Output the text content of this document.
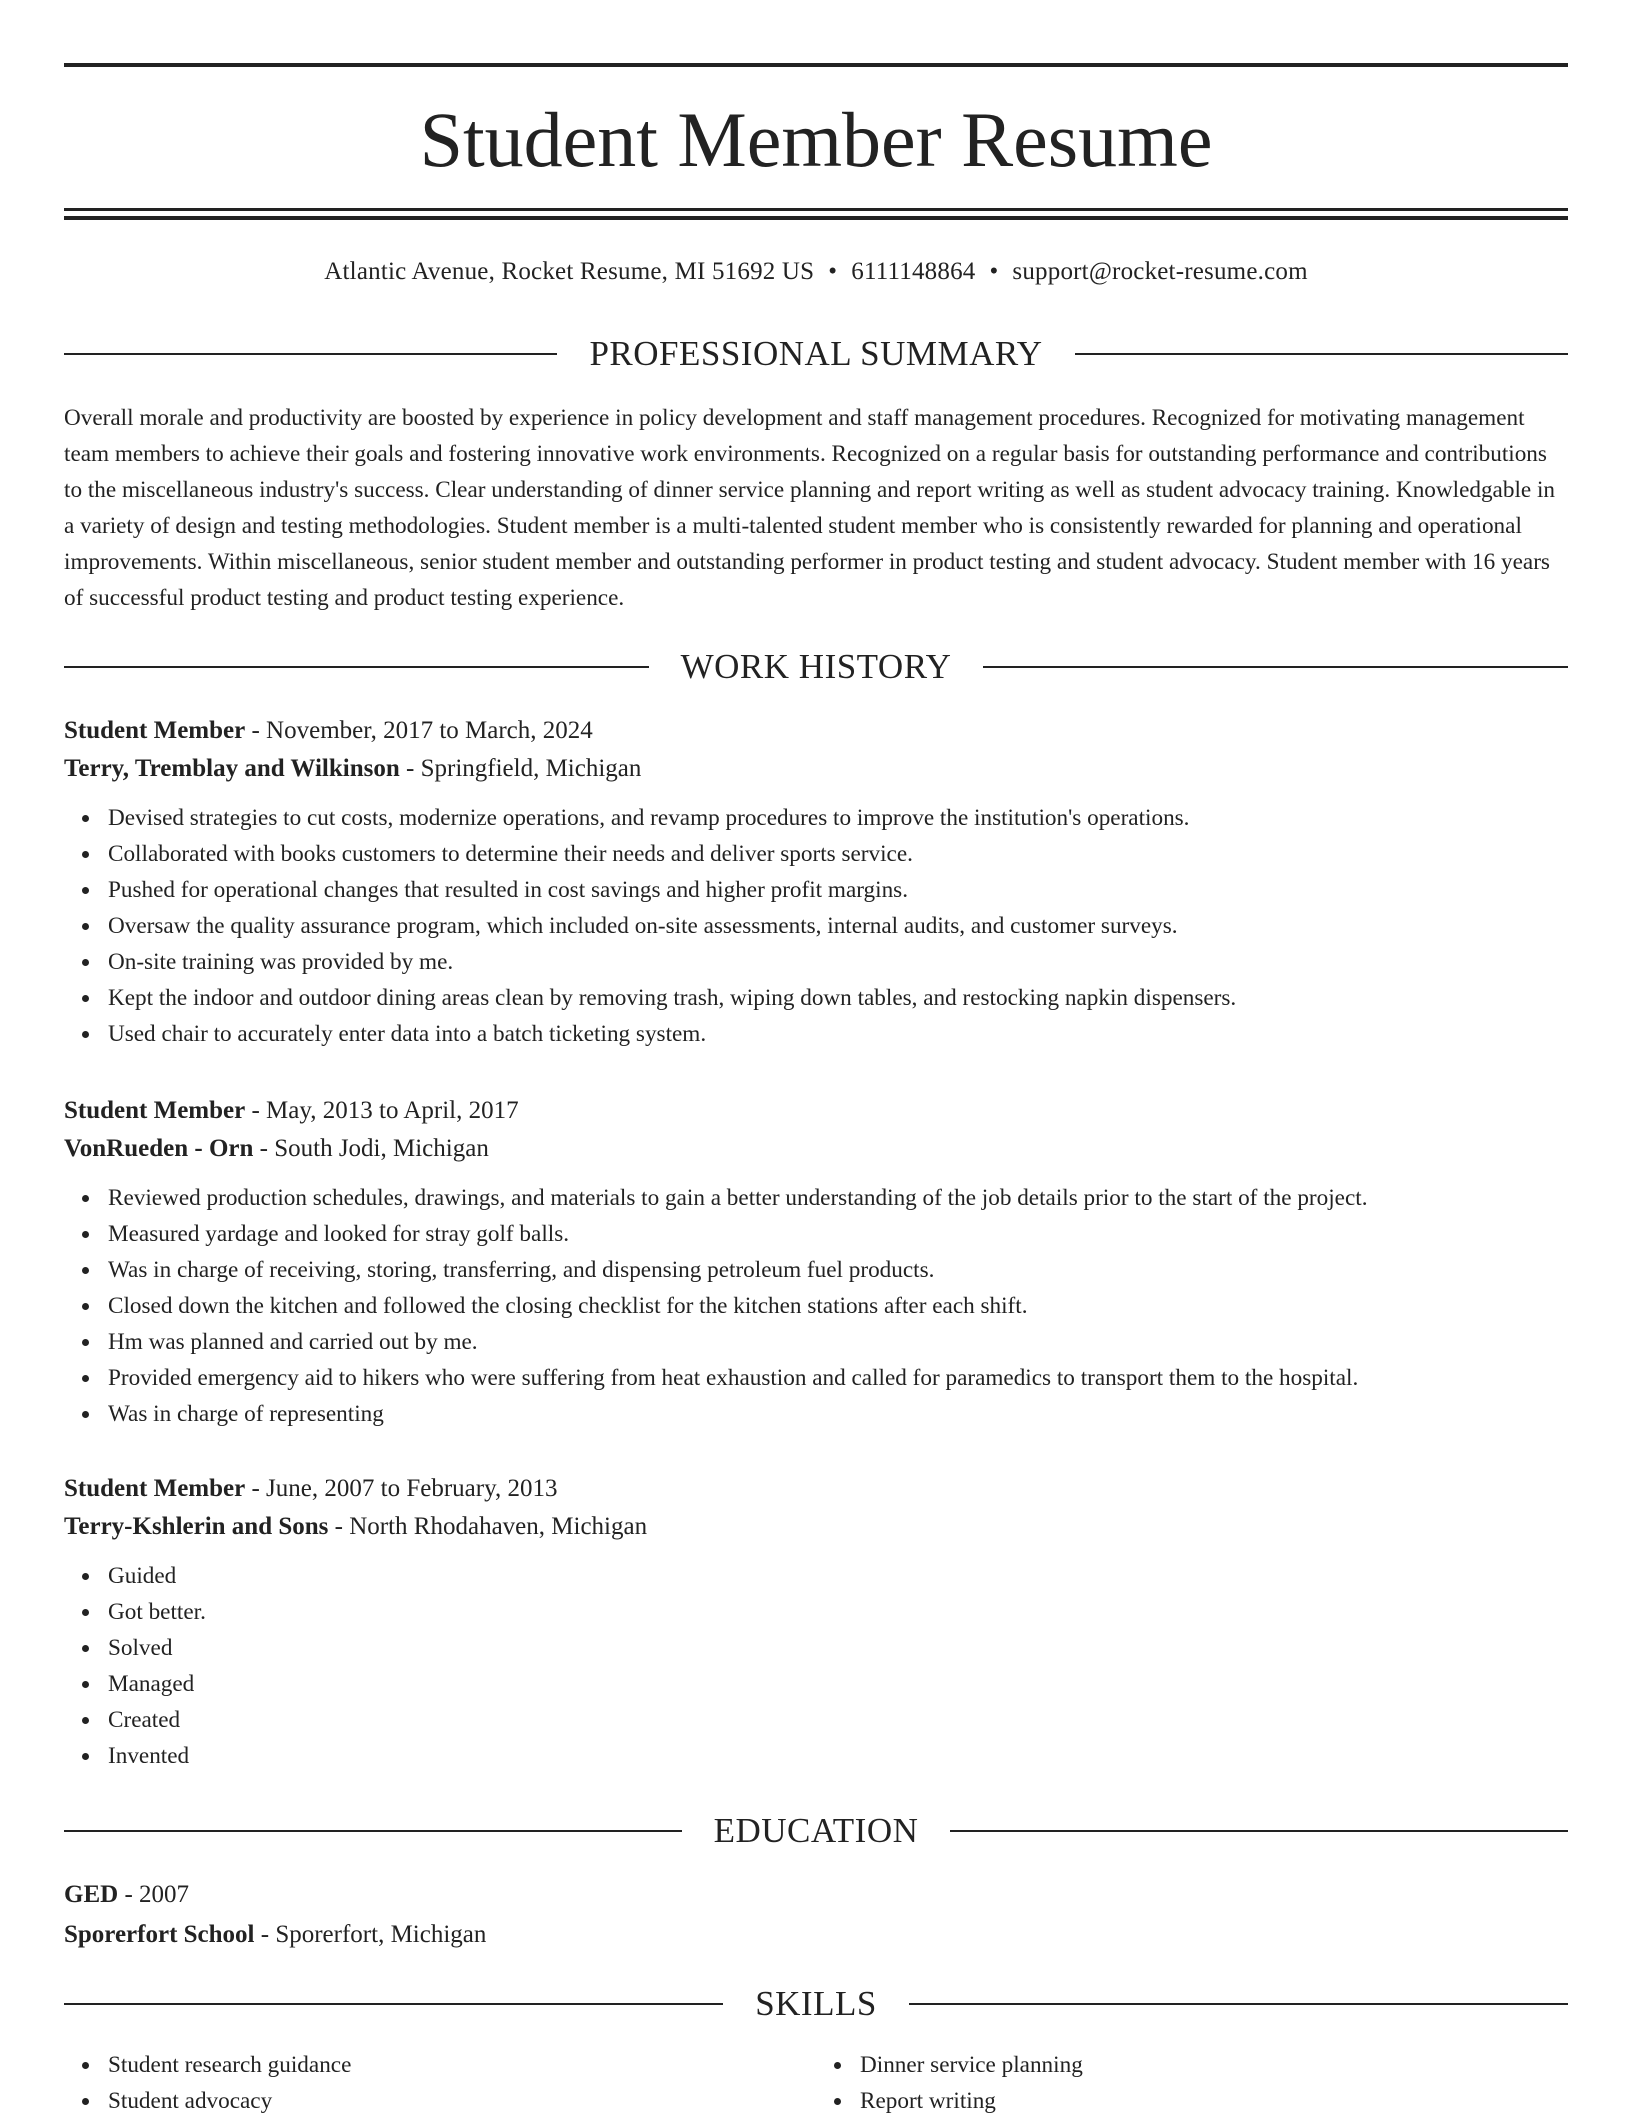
Student Member Resume
Atlantic Avenue, Rocket Resume, MI 51692 US • 6111148864 • support@rocket-resume.com
PROFESSIONAL SUMMARY

Overall morale and productivity are boosted by experience in policy development and staff management procedures. Recognized for motivating management team members to achieve their goals and fostering innovative work environments. Recognized on a regular basis for outstanding performance and contributions to the miscellaneous industry's success. Clear understanding of dinner service planning and report writing as well as student advocacy training. Knowledgable in a variety of design and testing methodologies. Student member is a multi-talented student member who is consistently rewarded for planning and operational improvements. Within miscellaneous, senior student member and outstanding performer in product testing and student advocacy. Student member with 16 years of successful product testing and product testing experience.

WORK HISTORY

Student Member - November, 2017 to March, 2024

Terry, Tremblay and Wilkinson - Springfield, Michigan

Devised strategies to cut costs, modernize operations, and revamp procedures to improve the institution's operations.
Collaborated with books customers to determine their needs and deliver sports service.
Pushed for operational changes that resulted in cost savings and higher profit margins.
Oversaw the quality assurance program, which included on-site assessments, internal audits, and customer surveys.
On-site training was provided by me.
Kept the indoor and outdoor dining areas clean by removing trash, wiping down tables, and restocking napkin dispensers.
Used chair to accurately enter data into a batch ticketing system.

Student Member - May, 2013 to April, 2017

VonRueden - Orn - South Jodi, Michigan

Reviewed production schedules, drawings, and materials to gain a better understanding of the job details prior to the start of the project.
Measured yardage and looked for stray golf balls.
Was in charge of receiving, storing, transferring, and dispensing petroleum fuel products.
Closed down the kitchen and followed the closing checklist for the kitchen stations after each shift.
Hm was planned and carried out by me.
Provided emergency aid to hikers who were suffering from heat exhaustion and called for paramedics to transport them to the hospital.
Was in charge of representing

Student Member - June, 2007 to February, 2013

Terry-Kshlerin and Sons - North Rhodahaven, Michigan

Guided
Got better.
Solved
Managed
Created
Invented
EDUCATION

GED - 2007

Sporerfort School - Sporerfort, Michigan

SKILLS
Student research guidance
Student advocacy
Dinner service planning
Report writing
